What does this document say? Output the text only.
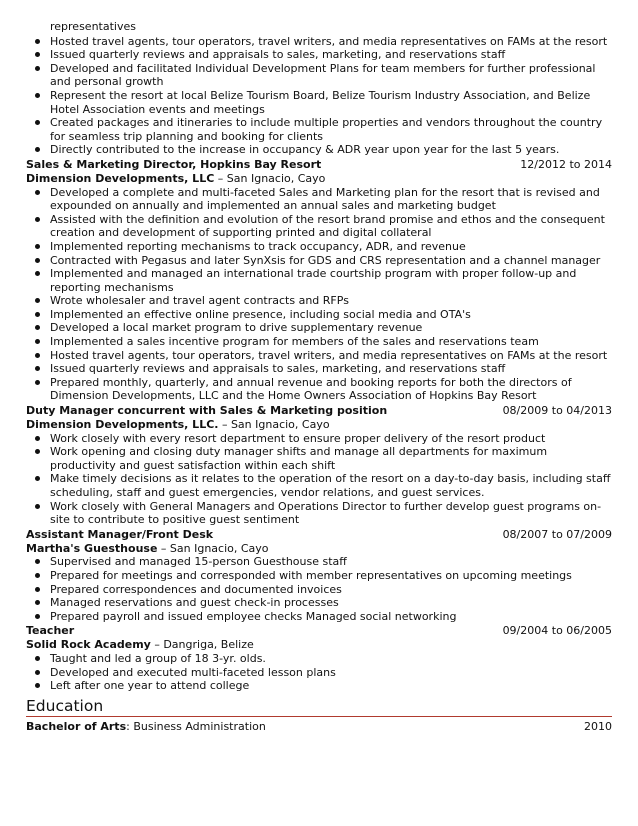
representatives
Hosted travel agents, tour operators, travel writers, and media representatives on FAMs at the resort
Issued quarterly reviews and appraisals to sales, marketing, and reservations staff
Developed and facilitated Individual Development Plans for team members for further professional and personal growth
Represent the resort at local Belize Tourism Board, Belize Tourism Industry Association, and Belize Hotel Association events and meetings
Created packages and itineraries to include multiple properties and vendors throughout the country for seamless trip planning and booking for clients
Directly contributed to the increase in occupancy & ADR year upon year for the last 5 years.
Sales & Marketing Director, Hopkins Bay Resort	12/2012 to 2014
Dimension Developments, LLC – San Ignacio, Cayo
Developed a complete and multi-faceted Sales and Marketing plan for the resort that is revised and expounded on annually and implemented an annual sales and marketing budget
Assisted with the definition and evolution of the resort brand promise and ethos and the consequent creation and development of supporting printed and digital collateral
Implemented reporting mechanisms to track occupancy, ADR, and revenue
Contracted with Pegasus and later SynXsis for GDS and CRS representation and a channel manager
Implemented and managed an international trade courtship program with proper follow-up and reporting mechanisms
Wrote wholesaler and travel agent contracts and RFPs
Implemented an effective online presence, including social media and OTA's
Developed a local market program to drive supplementary revenue
Implemented a sales incentive program for members of the sales and reservations team
Hosted travel agents, tour operators, travel writers, and media representatives on FAMs at the resort
Issued quarterly reviews and appraisals to sales, marketing, and reservations staff
Prepared monthly, quarterly, and annual revenue and booking reports for both the directors of Dimension Developments, LLC and the Home Owners Association of Hopkins Bay Resort
Duty Manager concurrent with Sales & Marketing position	08/2009 to 04/2013
Dimension Developments, LLC. – San Ignacio, Cayo
Work closely with every resort department to ensure proper delivery of the resort product
Work opening and closing duty manager shifts and manage all departments for maximum productivity and guest satisfaction within each shift
Make timely decisions as it relates to the operation of the resort on a day-to-day basis, including staff scheduling, staff and guest emergencies, vendor relations, and guest services.
Work closely with General Managers and Operations Director to further develop guest programs on-site to contribute to positive guest sentiment
Assistant Manager/Front Desk	08/2007 to 07/2009
Martha's Guesthouse – San Ignacio, Cayo
Supervised and managed 15-person Guesthouse staff
Prepared for meetings and corresponded with member representatives on upcoming meetings
Prepared correspondences and documented invoices
Managed reservations and guest check-in processes
Prepared payroll and issued employee checks Managed social networking
Teacher	09/2004 to 06/2005
Solid Rock Academy – Dangriga, Belize
Taught and led a group of 18 3-yr. olds.
Developed and executed multi-faceted lesson plans
Left after one year to attend college
Education
Bachelor of Arts: Business Administration	2010
